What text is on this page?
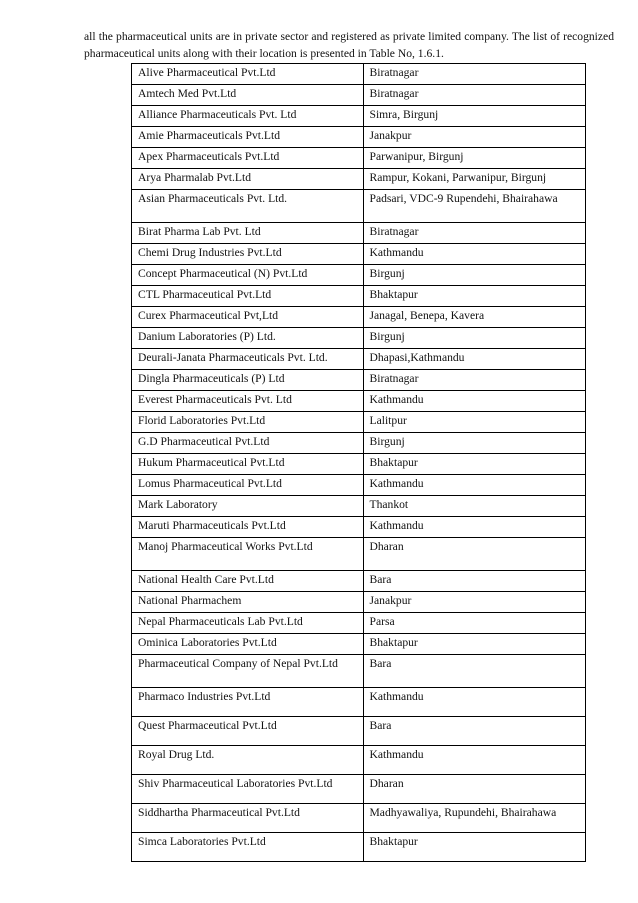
all the pharmaceutical units are in private sector and registered as private limited company. The list of recognized pharmaceutical units along with their location is presented in Table No, 1.6.1.

Alive Pharmaceutical Pvt.Ltd	Biratnagar
Amtech Med Pvt.Ltd	Biratnagar
Alliance Pharmaceuticals Pvt. Ltd	Simra, Birgunj
Amie Pharmaceuticals Pvt.Ltd	Janakpur
Apex Pharmaceuticals Pvt.Ltd	Parwanipur, Birgunj
Arya Pharmalab Pvt.Ltd	Rampur, Kokani, Parwanipur, Birgunj
Asian Pharmaceuticals Pvt. Ltd.	Padsari, VDC-9 Rupendehi, Bhairahawa
Birat Pharma Lab Pvt. Ltd	Biratnagar
Chemi Drug Industries Pvt.Ltd	Kathmandu
Concept Pharmaceutical (N) Pvt.Ltd	Birgunj
CTL Pharmaceutical Pvt.Ltd	Bhaktapur
Curex Pharmaceutical Pvt,Ltd	Janagal, Benepa, Kavera
Danium Laboratories (P) Ltd.	Birgunj
Deurali-Janata Pharmaceuticals Pvt. Ltd.	Dhapasi,Kathmandu
Dingla Pharmaceuticals (P) Ltd	Biratnagar
Everest Pharmaceuticals Pvt. Ltd	Kathmandu
Florid Laboratories Pvt.Ltd	Lalitpur
G.D Pharmaceutical Pvt.Ltd	Birgunj
Hukum Pharmaceutical Pvt.Ltd	Bhaktapur
Lomus Pharmaceutical Pvt.Ltd	Kathmandu
Mark Laboratory	Thankot
Maruti Pharmaceuticals Pvt.Ltd	Kathmandu
Manoj Pharmaceutical Works Pvt.Ltd	Dharan
National Health Care Pvt.Ltd	Bara
National Pharmachem	Janakpur
Nepal Pharmaceuticals Lab Pvt.Ltd	Parsa
Ominica Laboratories Pvt.Ltd	Bhaktapur
Pharmaceutical Company of Nepal Pvt.Ltd	Bara
Pharmaco Industries Pvt.Ltd	Kathmandu
Quest Pharmaceutical Pvt.Ltd	Bara
Royal Drug Ltd.	Kathmandu
Shiv Pharmaceutical Laboratories Pvt.Ltd	Dharan
Siddhartha Pharmaceutical Pvt.Ltd	Madhyawaliya, Rupundehi, Bhairahawa
Simca Laboratories Pvt.Ltd	Bhaktapur
